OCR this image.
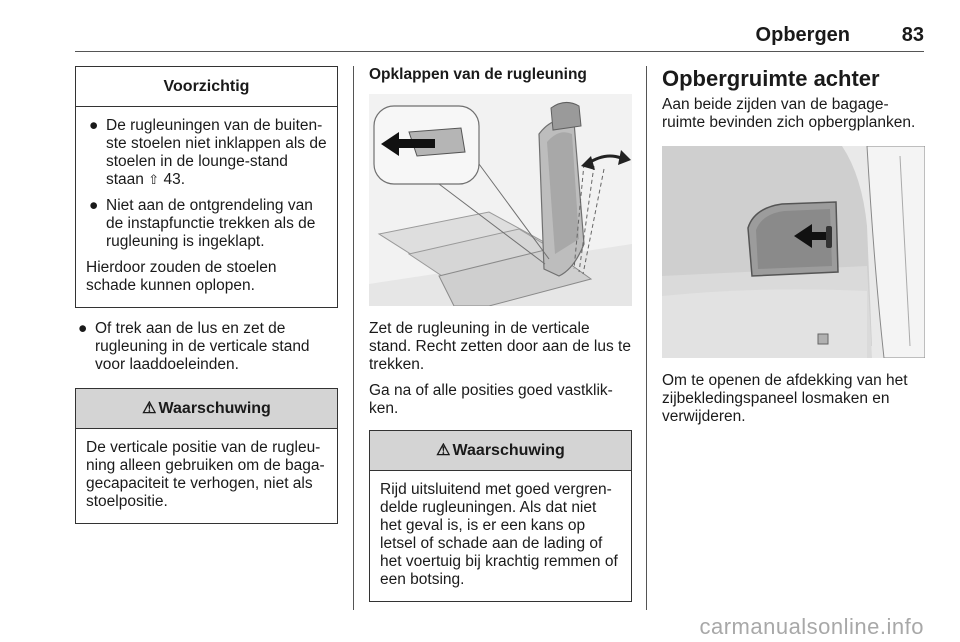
Opbergen	83
Voorzichtig
● De rugleuningen van de buiten-ste stoelen niet inklappen als de stoelen in de lounge-stand staan ⇧ 43.
● Niet aan de ontgrendeling van de instapfunctie trekken als de rugleuning is ingeklapt.
Hierdoor zouden de stoelen schade kunnen oplopen.
● Of trek aan de lus en zet de rugleuning in de verticale stand voor laaddoeleinden.
⚠ Waarschuwing
De verticale positie van de rugleu-ning alleen gebruiken om de baga-gecapaciteit te verhogen, niet als stoelpositie.
Opklappen van de rugleuning
Zet de rugleuning in de verticale stand. Recht zetten door aan de lus te trekken.
Ga na of alle posities goed vastklik-ken.
⚠ Waarschuwing
Rijd uitsluitend met goed vergren-delde rugleuningen. Als dat niet het geval is, is er een kans op letsel of schade aan de lading of het voertuig bij krachtig remmen of een botsing.
Opbergruimte achter
Aan beide zijden van de bagage-ruimte bevinden zich opbergplanken.
Om te openen de afdekking van het zijbekledingspaneel losmaken en verwijderen.
carmanualsonline.info
